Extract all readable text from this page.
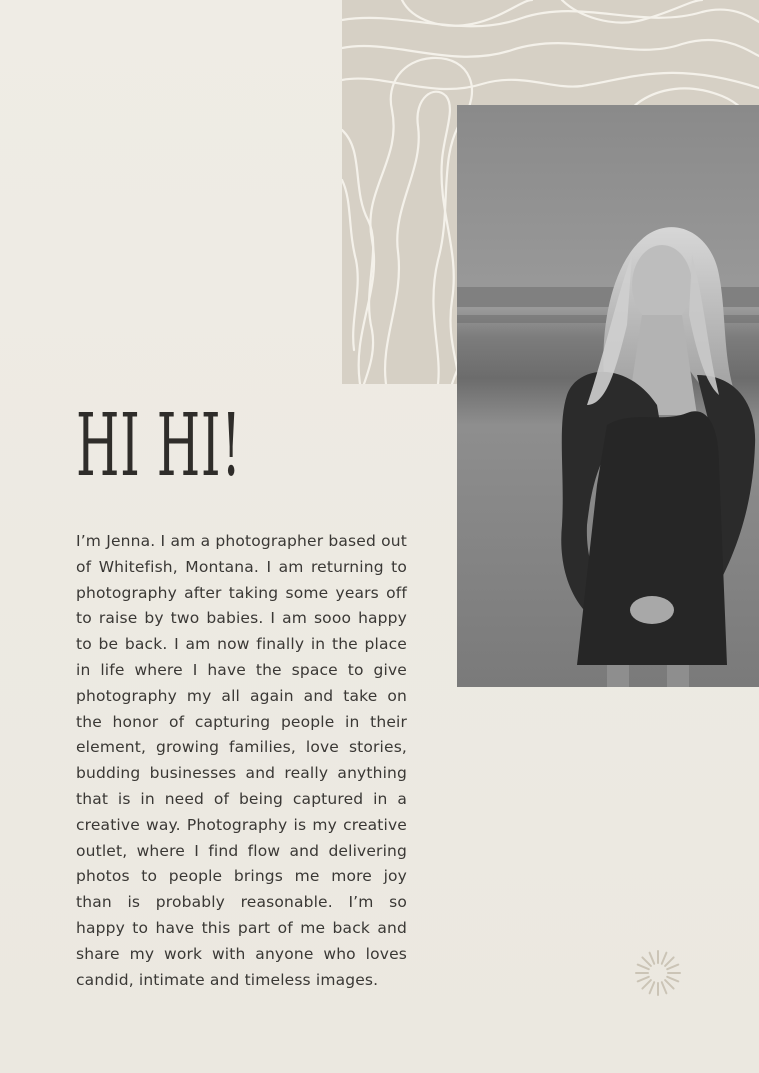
HI HI!

I’m Jenna. I am a photographer based out of Whitefish, Montana. I am returning to photography after taking some years off to raise by two babies. I am sooo happy to be back. I am now finally in the place in life where I have the space to give photography my all again and take on the honor of capturing people in their element, growing families, love stories, budding businesses and really anything that is in need of being captured in a creative way. Photography is my creative outlet, where I find flow and delivering photos to people brings me more joy than is probably reasonable. I’m so happy to have this part of me back and share my work with anyone who loves candid, intimate and timeless images.
